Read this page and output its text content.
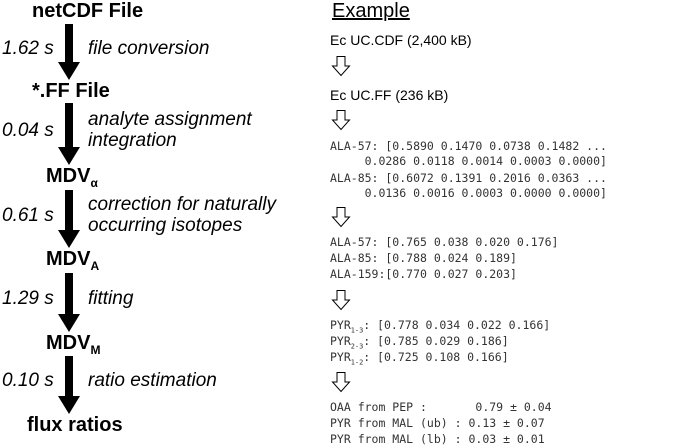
netCDF File
*.FF File
$MDV_\alpha$
$MDV_A$
$MDV_M$
flux ratios
1.62 s
0.04 s
0.61 s
1.29 s
0.10 s
file conversion
analyte assignment
integration
correction for naturally
occurring isotopes
fitting
ratio estimation
Example
Ec UC.CDF (2,400 kB)
Ec UC.FF (236 kB)
ALA-57: [0.5890 0.1470 0.0738 0.1482 ...
0.0286 0.0118 0.0014 0.0003 0.0000]
ALA-85: [0.6072 0.1391 0.2016 0.0363 ...
0.0136 0.0016 0.0003 0.0000 0.0000]
ALA-57: [0.765 0.038 0.020 0.176]
ALA-85: [0.788 0.024 0.189]
ALA-159:[0.770 0.027 0.203]
$PYR_{1-3}$: [0.778 0.034 0.022 0.166]
$PYR_{2-3}$: [0.785 0.029 0.186]
$PYR_{1-2}$: [0.725 0.108 0.166]
OAA from PEP :       0.79 ± 0.04
PYR from MAL (ub) : 0.13 ± 0.07
PYR from MAL (lb) : 0.03 ± 0.01
